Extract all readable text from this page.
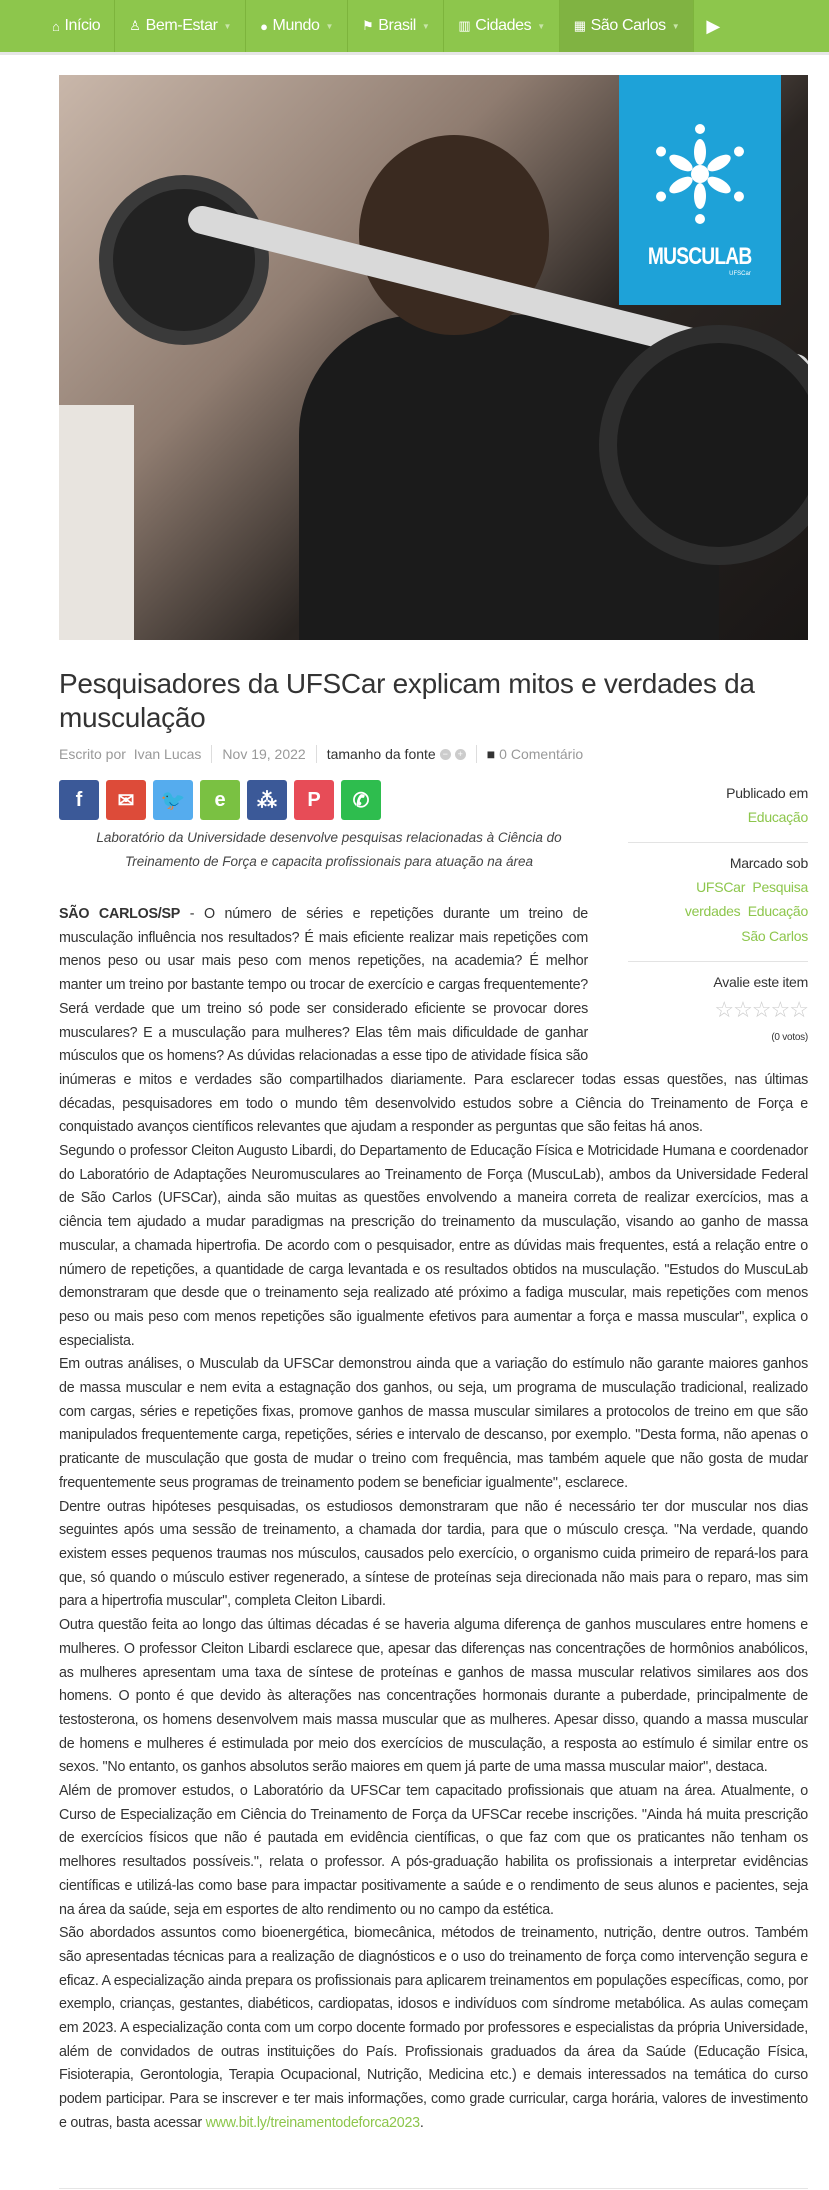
⌂ Início ♙ Bem-Estar ▼ ● Mundo ▼ ⚑ Brasil ▼ ▥ Cidades ▼ ▦ São Carlos ▼ ▶
MUSCULAB
UFSCar
Pesquisadores da UFSCar explicam mitos e verdades da musculação
Escrito por
Ivan Lucas Nov 19, 2022 tamanho da fonte −	+ ■ 0 Comentário
f ✉ 🐦 e ⁂ P ✆
Laboratório da Universidade desenvolve pesquisas relacionadas à Ciência do Treinamento de Força e capacita profissionais para atuação na área
Publicado em
Educação
Marcado sob
UFSCar Pesquisa
verdades Educação
São Carlos
Avalie este item
☆☆☆☆☆
(0 votos)

SÃO CARLOS/SP - O número de séries e repetições durante um treino de musculação influência nos resultados? É mais eficiente realizar mais repetições com menos peso ou usar mais peso com menos repetições, na academia? É melhor manter um treino por bastante tempo ou trocar de exercício e cargas frequentemente? Será verdade que um treino só pode ser considerado eficiente se provocar dores musculares? E a musculação para mulheres? Elas têm mais dificuldade de ganhar músculos que os homens? As dúvidas relacionadas a esse tipo de atividade física são inúmeras e mitos e verdades são compartilhados diariamente. Para esclarecer todas essas questões, nas últimas décadas, pesquisadores em todo o mundo têm desenvolvido estudos sobre a Ciência do Treinamento de Força e conquistado avanços científicos relevantes que ajudam a responder as perguntas que são feitas há anos.

Segundo o professor Cleiton Augusto Libardi, do Departamento de Educação Física e Motricidade Humana e coordenador do Laboratório de Adaptações Neuromusculares ao Treinamento de Força (MuscuLab), ambos da Universidade Federal de São Carlos (UFSCar), ainda são muitas as questões envolvendo a maneira correta de realizar exercícios, mas a ciência tem ajudado a mudar paradigmas na prescrição do treinamento da musculação, visando ao ganho de massa muscular, a chamada hipertrofia. De acordo com o pesquisador, entre as dúvidas mais frequentes, está a relação entre o número de repetições, a quantidade de carga levantada e os resultados obtidos na musculação. "Estudos do MuscuLab demonstraram que desde que o treinamento seja realizado até próximo a fadiga muscular, mais repetições com menos peso ou mais peso com menos repetições são igualmente efetivos para aumentar a força e massa muscular", explica o especialista.

Em outras análises, o Musculab da UFSCar demonstrou ainda que a variação do estímulo não garante maiores ganhos de massa muscular e nem evita a estagnação dos ganhos, ou seja, um programa de musculação tradicional, realizado com cargas, séries e repetições fixas, promove ganhos de massa muscular similares a protocolos de treino em que são manipulados frequentemente carga, repetições, séries e intervalo de descanso, por exemplo. "Desta forma, não apenas o praticante de musculação que gosta de mudar o treino com frequência, mas também aquele que não gosta de mudar frequentemente seus programas de treinamento podem se beneficiar igualmente", esclarece.

Dentre outras hipóteses pesquisadas, os estudiosos demonstraram que não é necessário ter dor muscular nos dias seguintes após uma sessão de treinamento, a chamada dor tardia, para que o músculo cresça. "Na verdade, quando existem esses pequenos traumas nos músculos, causados pelo exercício, o organismo cuida primeiro de repará-los para que, só quando o músculo estiver regenerado, a síntese de proteínas seja direcionada não mais para o reparo, mas sim para a hipertrofia muscular", completa Cleiton Libardi.

Outra questão feita ao longo das últimas décadas é se haveria alguma diferença de ganhos musculares entre homens e mulheres. O professor Cleiton Libardi esclarece que, apesar das diferenças nas concentrações de hormônios anabólicos, as mulheres apresentam uma taxa de síntese de proteínas e ganhos de massa muscular relativos similares aos dos homens. O ponto é que devido às alterações nas concentrações hormonais durante a puberdade, principalmente de testosterona, os homens desenvolvem mais massa muscular que as mulheres. Apesar disso, quando a massa muscular de homens e mulheres é estimulada por meio dos exercícios de musculação, a resposta ao estímulo é similar entre os sexos. "No entanto, os ganhos absolutos serão maiores em quem já parte de uma massa muscular maior", destaca.

Além de promover estudos, o Laboratório da UFSCar tem capacitado profissionais que atuam na área. Atualmente, o Curso de Especialização em Ciência do Treinamento de Força da UFSCar recebe inscrições. "Ainda há muita prescrição de exercícios físicos que não é pautada em evidência científicas, o que faz com que os praticantes não tenham os melhores resultados possíveis.", relata o professor. A pós-graduação habilita os profissionais a interpretar evidências científicas e utilizá-las como base para impactar positivamente a saúde e o rendimento de seus alunos e pacientes, seja na área da saúde, seja em esportes de alto rendimento ou no campo da estética.

São abordados assuntos como bioenergética, biomecânica, métodos de treinamento, nutrição, dentre outros. Também são apresentadas técnicas para a realização de diagnósticos e o uso do treinamento de força como intervenção segura e eficaz. A especialização ainda prepara os profissionais para aplicarem treinamentos em populações específicas, como, por exemplo, crianças, gestantes, diabéticos, cardiopatas, idosos e indivíduos com síndrome metabólica. As aulas começam em 2023. A especialização conta com um corpo docente formado por professores e especialistas da própria Universidade, além de convidados de outras instituições do País. Profissionais graduados da área da Saúde (Educação Física, Fisioterapia, Gerontologia, Terapia Ocupacional, Nutrição, Medicina etc.) e demais interessados na temática do curso podem participar. Para se inscrever e ter mais informações, como grade curricular, carga horária, valores de investimento e outras, basta acessar www.bit.ly/treinamentodeforca2023.
